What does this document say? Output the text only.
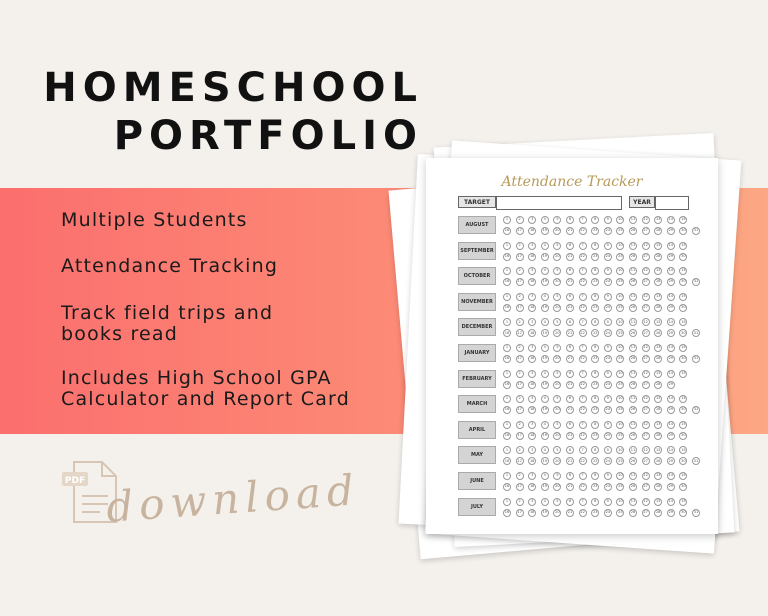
HOMESCHOOL
PORTFOLIO
Multiple Students
Attendance Tracking
Track field trips and books read
Includes High School GPA Calculator and Report Card
PDF download
Attendance Tracker
TARGET	YEAR
AUGUST
1	2	3	4	5	6	7	8	9	10	11	12	13	14	15
16	17	18	19	20	21	22	23	24	25	26	27	28	29	30	31
SEPTEMBER
1	2	3	4	5	6	7	8	9	10	11	12	13	14	15
16	17	18	19	20	21	22	23	24	25	26	27	28	29	30
OCTOBER
1	2	3	4	5	6	7	8	9	10	11	12	13	14	15
16	17	18	19	20	21	22	23	24	25	26	27	28	29	30	31
NOVEMBER
1	2	3	4	5	6	7	8	9	10	11	12	13	14	15
16	17	18	19	20	21	22	23	24	25	26	27	28	29	30
DECEMBER
1	2	3	4	5	6	7	8	9	10	11	12	13	14	15
16	17	18	19	20	21	22	23	24	25	26	27	28	29	30	31
JANUARY
1	2	3	4	5	6	7	8	9	10	11	12	13	14	15
16	17	18	19	20	21	22	23	24	25	26	27	28	29	30	31
FEBRUARY
1	2	3	4	5	6	7	8	9	10	11	12	13	14	15
16	17	18	19	20	21	22	23	24	25	26	27	28	29
MARCH
1	2	3	4	5	6	7	8	9	10	11	12	13	14	15
16	17	18	19	20	21	22	23	24	25	26	27	28	29	30	31
APRIL
1	2	3	4	5	6	7	8	9	10	11	12	13	14	15
16	17	18	19	20	21	22	23	24	25	26	27	28	29	30
MAY
1	2	3	4	5	6	7	8	9	10	11	12	13	14	15
16	17	18	19	20	21	22	23	24	25	26	27	28	29	30	31
JUNE
1	2	3	4	5	6	7	8	9	10	11	12	13	14	15
16	17	18	19	20	21	22	23	24	25	26	27	28	29	30
JULY
1	2	3	4	5	6	7	8	9	10	11	12	13	14	15
16	17	18	19	20	21	22	23	24	25	26	27	28	29	30	31
